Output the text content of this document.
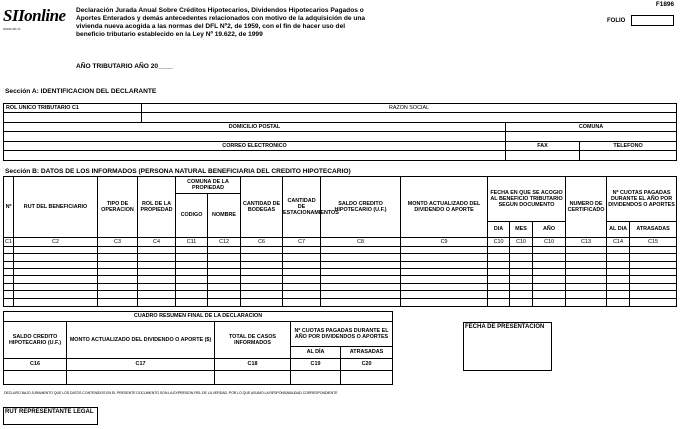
SIIonline
www.sii.cl
Declaración Jurada Anual Sobre Créditos Hipotecarios, Dividendos Hipotecarios Pagados o Aportes Enterados y demás antecedentes relacionados con motivo de la adquisición de una vivienda nueva acogida a las normas del DFL Nº2, de 1959, con el fin de hacer uso del beneficio tributario establecido en la Ley Nº 19.622, de 1999
F1896
FOLIO
AÑO TRIBUTARIO AÑO 20____
Sección A: IDENTIFICACION DEL DECLARANTE
ROL UNICO TRIBUTARIO C1	RAZON SOCIAL		

DOMICILIO POSTAL		COMUNA	

CORREO ELECTRONICO		FAX	TELEFONO

Sección B: DATOS DE LOS INFORMADOS (PERSONA NATURAL BENEFICIARIA DEL CREDITO HIPOTECARIO)
Nº	RUT DEL BENEFICIARIO	TIPO DE OPERACION	ROL DE LA PROPIEDAD	COMUNA DE LA PROPIEDAD		CANTIDAD DE BODEGAS	CANTIDAD DE ESTACIONAMIENTOS	SALDO CREDITO HIPOTECARIO (U.F.)	MONTO ACTUALIZADO DEL DIVIDENDO O APORTE	FECHA EN QUE SE ACOGIO AL BENEFICIO TRIBUTARIO SEGUN DOCUMENTO			NUMERO DE CERTIFICADO	Nº CUOTAS PAGADAS DURANTE EL AÑO POR DIVIDENDOS O APORTES	
				CODIGO	NOMBRE										
										DIA	MES	AÑO		AL DIA	ATRASADAS
C1	C2	C3	C4	C11	C12	C6	C7	C8	C9	C10	C10	C10	C13	C14	C15

CUADRO RESUMEN FINAL DE LA DECLARACION				
SALDO CREDITO HIPOTECARIO (U.F.)	MONTO ACTUALIZADO DEL DIVIDENDO O APORTE ($)	TOTAL DE CASOS INFORMADOS	Nº CUOTAS PAGADAS DURANTE EL AÑO POR DIVIDENDOS O APORTES	
			AL DÍA	ATRASADAS
C16	C17	C18	C19	C20

FECHA DE PRESENTACION
DECLARO BAJO JURAMENTO QUE LOS DATOS CONTENIDOS EN EL PRESENTE DOCUMENTO SON LA EXPRESION FIEL DE LA VERDAD, POR LO QUE ASUMO LA RESPONSABILIDAD CORRESPONDIENTE
RUT REPRESENTANTE LEGAL
